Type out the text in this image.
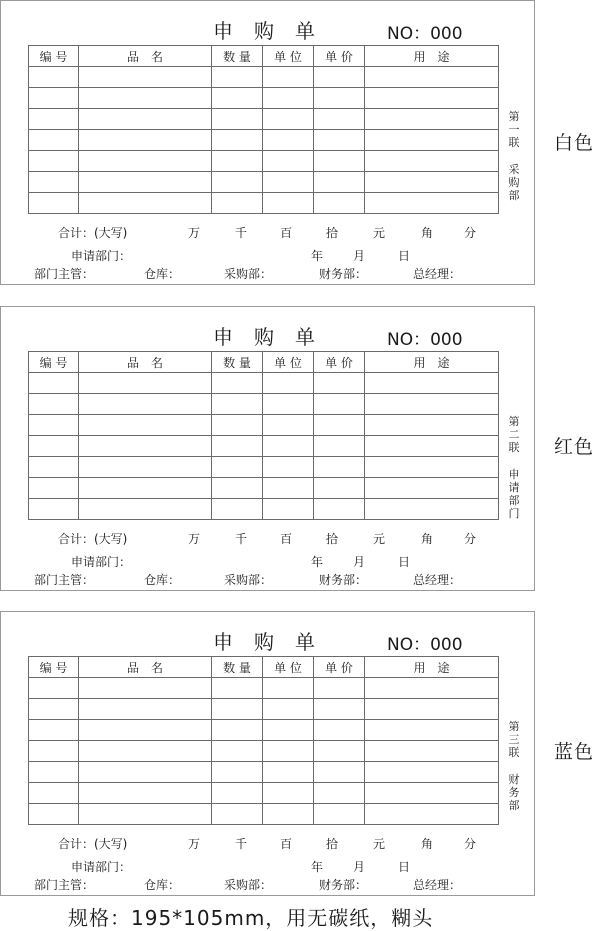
申购单	NO：000
编 号	品　名	数 量	单 位	单 价	用　途

合计：(大写)	万	千	百	拾	元	角	分
申请部门：	年 月	日
部门主管：	仓库：	采购部：	财务部：	总经理：
第一联
采购部
白色
申购单	NO：000
编 号	品　名	数 量	单 位	单 价	用　途

合计：(大写)	万	千	百	拾	元	角	分
申请部门：	年 月	日
部门主管：	仓库：	采购部：	财务部：	总经理：
第二联
申请部门
红色
申购单	NO：000
编 号	品　名	数 量	单 位	单 价	用　途

合计：(大写)	万	千	百	拾	元	角	分
申请部门：	年 月	日
部门主管：	仓库：	采购部：	财务部：	总经理：
第三联
财务部
蓝色
规格：195*105mm，用无碳纸，糊头
